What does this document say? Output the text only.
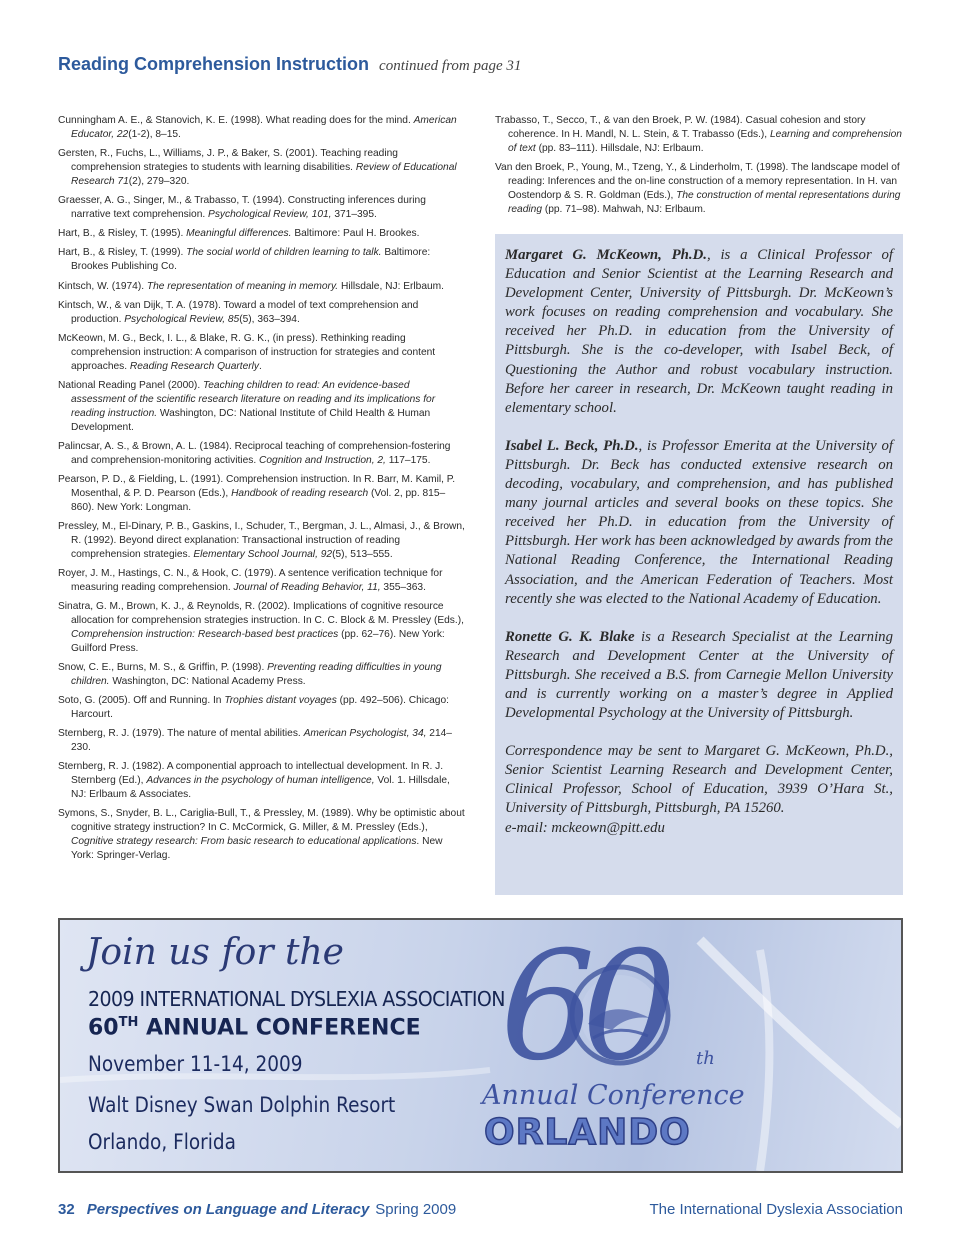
Reading Comprehension Instruction continued from page 31

Cunningham A. E., & Stanovich, K. E. (1998). What reading does for the mind. American Educator, 22(1-2), 8–15.

Gersten, R., Fuchs, L., Williams, J. P., & Baker, S. (2001). Teaching reading comprehension strategies to students with learning disabilities. Review of Educational Research 71(2), 279–320.

Graesser, A. G., Singer, M., & Trabasso, T. (1994). Constructing inferences during narrative text comprehension. Psychological Review, 101, 371–395.

Hart, B., & Risley, T. (1995). Meaningful differences. Baltimore: Paul H. Brookes.

Hart, B., & Risley, T. (1999). The social world of children learning to talk. Baltimore: Brookes Publishing Co.

Kintsch, W. (1974). The representation of meaning in memory. Hillsdale, NJ: Erlbaum.

Kintsch, W., & van Dijk, T. A. (1978). Toward a model of text comprehension and production. Psychological Review, 85(5), 363–394.

McKeown, M. G., Beck, I. L., & Blake, R. G. K., (in press). Rethinking reading comprehension instruction: A comparison of instruction for strategies and content approaches. Reading Research Quarterly.

National Reading Panel (2000). Teaching children to read: An evidence-based assessment of the scientific research literature on reading and its implications for reading instruction. Washington, DC: National Institute of Child Health & Human Development.

Palincsar, A. S., & Brown, A. L. (1984). Reciprocal teaching of comprehension-fostering and comprehension-monitoring activities. Cognition and Instruction, 2, 117–175.

Pearson, P. D., & Fielding, L. (1991). Comprehension instruction. In R. Barr, M. Kamil, P. Mosenthal, & P. D. Pearson (Eds.), Handbook of reading research (Vol. 2, pp. 815–860). New York: Longman.

Pressley, M., El-Dinary, P. B., Gaskins, I., Schuder, T., Bergman, J. L., Almasi, J., & Brown, R. (1992). Beyond direct explanation: Transactional instruction of reading comprehension strategies. Elementary School Journal, 92(5), 513–555.

Royer, J. M., Hastings, C. N., & Hook, C. (1979). A sentence verification technique for measuring reading comprehension. Journal of Reading Behavior, 11, 355–363.

Sinatra, G. M., Brown, K. J., & Reynolds, R. (2002). Implications of cognitive resource allocation for comprehension strategies instruction. In C. C. Block & M. Pressley (Eds.), Comprehension instruction: Research-based best practices (pp. 62–76). New York: Guilford Press.

Snow, C. E., Burns, M. S., & Griffin, P. (1998). Preventing reading difficulties in young children. Washington, DC: National Academy Press.

Soto, G. (2005). Off and Running. In Trophies distant voyages (pp. 492–506). Chicago: Harcourt.

Sternberg, R. J. (1979). The nature of mental abilities. American Psychologist, 34, 214–230.

Sternberg, R. J. (1982). A componential approach to intellectual development. In R. J. Sternberg (Ed.), Advances in the psychology of human intelligence, Vol. 1. Hillsdale, NJ: Erlbaum & Associates.

Symons, S., Snyder, B. L., Cariglia-Bull, T., & Pressley, M. (1989). Why be optimistic about cognitive strategy instruction? In C. McCormick, G. Miller, & M. Pressley (Eds.), Cognitive strategy research: From basic research to educational applications. New York: Springer-Verlag.

Trabasso, T., Secco, T., & van den Broek, P. W. (1984). Casual cohesion and story coherence. In H. Mandl, N. L. Stein, & T. Trabasso (Eds.), Learning and comprehension of text (pp. 83–111). Hillsdale, NJ: Erlbaum.

Van den Broek, P., Young, M., Tzeng, Y., & Linderholm, T. (1998). The landscape model of reading: Inferences and the on-line construction of a memory representation. In H. van Oostendorp & S. R. Goldman (Eds.), The construction of mental representations during reading (pp. 71–98). Mahwah, NJ: Erlbaum.

Margaret G. McKeown, Ph.D., is a Clinical Professor of Education and Senior Scientist at the Learning Research and Development Center, University of Pittsburgh. Dr. McKeown’s work focuses on reading comprehension and vocabulary. She received her Ph.D. in education from the University of Pittsburgh. She is the co-developer, with Isabel Beck, of Questioning the Author and robust vocabulary instruction. Before her career in research, Dr. McKeown taught reading in elementary school.

Isabel L. Beck, Ph.D., is Professor Emerita at the University of Pittsburgh. Dr. Beck has conducted extensive research on decoding, vocabulary, and comprehension, and has published many journal articles and several books on these topics. She received her Ph.D. in education from the University of Pittsburgh. Her work has been acknowledged by awards from the National Reading Conference, the International Reading Association, and the American Federation of Teachers. Most recently she was elected to the National Academy of Education.

Ronette G. K. Blake is a Research Specialist at the Learning Research and Development Center at the University of Pittsburgh. She received a B.S. from Carnegie Mellon University and is currently working on a master’s degree in Applied Developmental Psychology at the University of Pittsburgh.

Correspondence may be sent to Margaret G. McKeown, Ph.D., Senior Scientist Learning Research and Development Center, Clinical Professor, School of Education, 3939 O’Hara St., University of Pittsburgh, Pittsburgh, PA 15260.
e-mail: mckeown@pitt.edu

Join us for the
2009 INTERNATIONAL DYSLEXIA ASSOCIATION
60TH ANNUAL CONFERENCE
November 11-14, 2009
Walt Disney Swan Dolphin Resort
Orlando, Florida
60 th
Annual Conference
ORLANDO
32 Perspectives on Language and Literacy Spring 2009	The International Dyslexia Association
